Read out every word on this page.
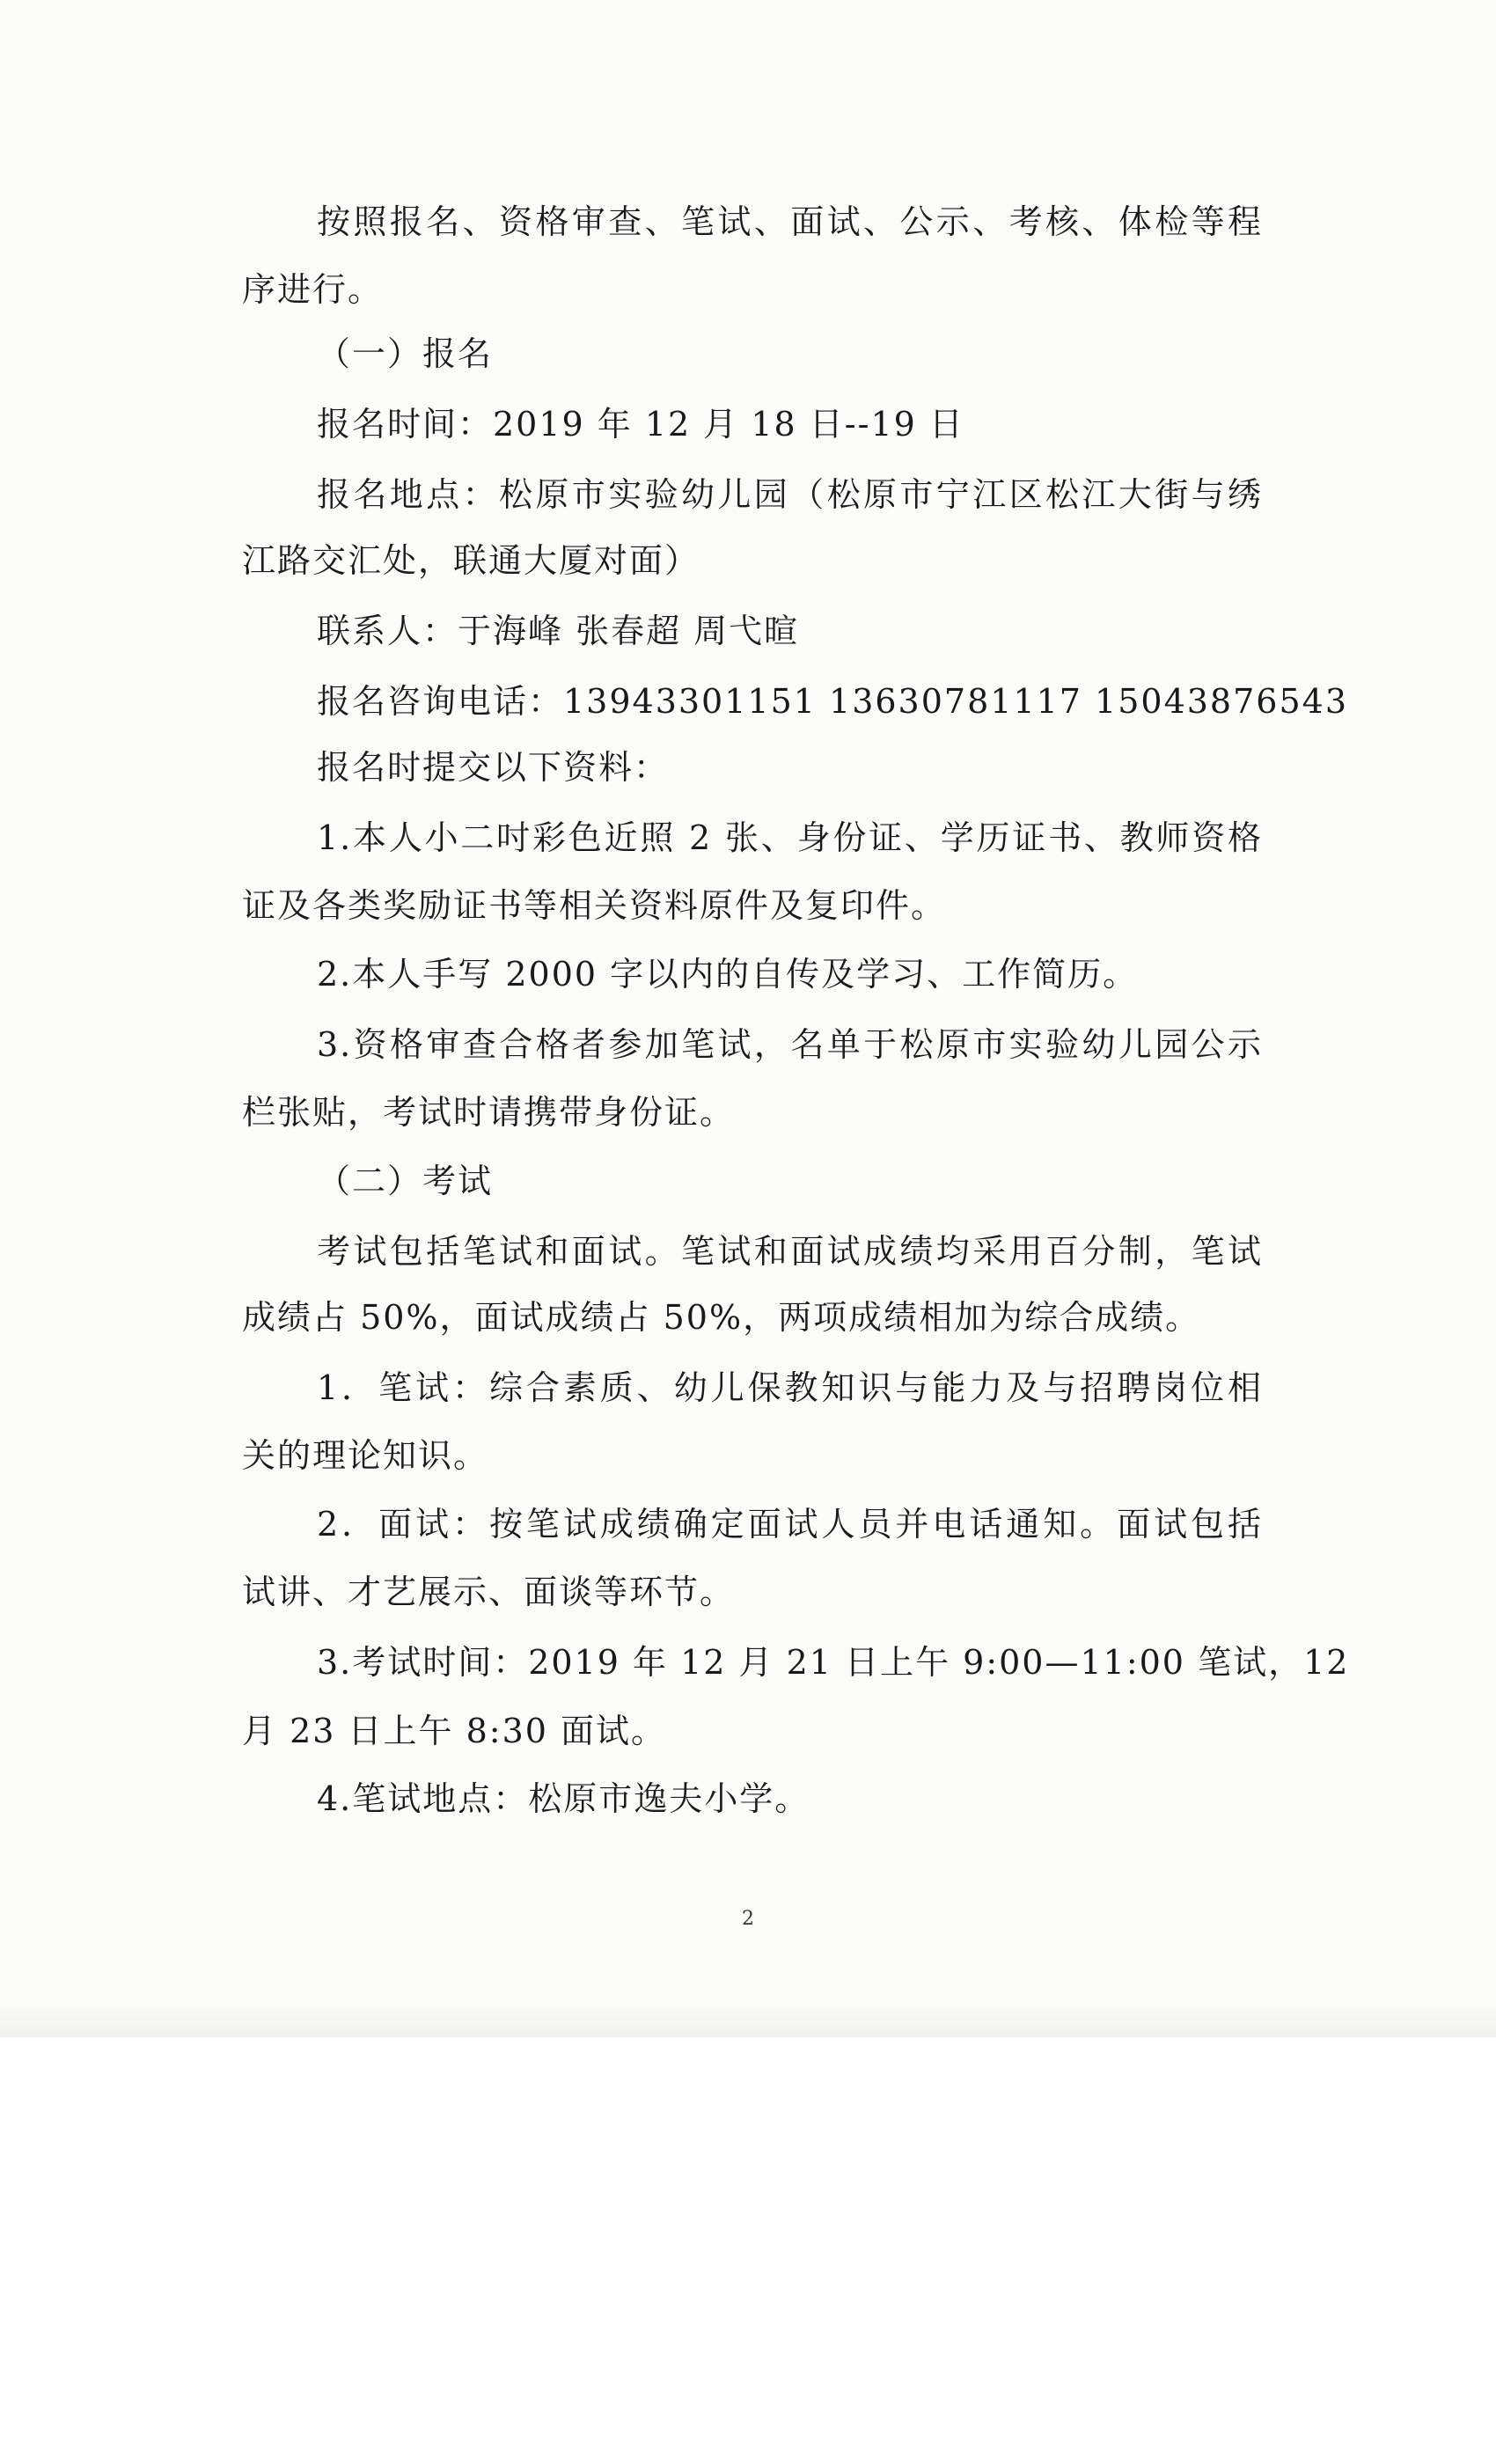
按照报名、资格审查、笔试、面试、公示、考核、体检等程
序进行。
（一）报名
报名时间：2019 年 12 月 18 日--19 日
报名地点：松原市实验幼儿园（松原市宁江区松江大街与绣
江路交汇处，联通大厦对面）
联系人：于海峰 张春超 周弋暄
报名咨询电话：13943301151 13630781117 15043876543
报名时提交以下资料：
1.本人小二吋彩色近照 2 张、身份证、学历证书、教师资格
证及各类奖励证书等相关资料原件及复印件。
2.本人手写 2000 字以内的自传及学习、工作简历。
3.资格审查合格者参加笔试，名单于松原市实验幼儿园公示
栏张贴，考试时请携带身份证。
（二）考试
考试包括笔试和面试。笔试和面试成绩均采用百分制，笔试
成绩占 50%，面试成绩占 50%，两项成绩相加为综合成绩。
1．笔试：综合素质、幼儿保教知识与能力及与招聘岗位相
关的理论知识。
2．面试：按笔试成绩确定面试人员并电话通知。面试包括
试讲、才艺展示、面谈等环节。
3.考试时间：2019 年 12 月 21 日上午 9:00—11:00 笔试，12
月 23 日上午 8:30 面试。
4.笔试地点：松原市逸夫小学。
2
